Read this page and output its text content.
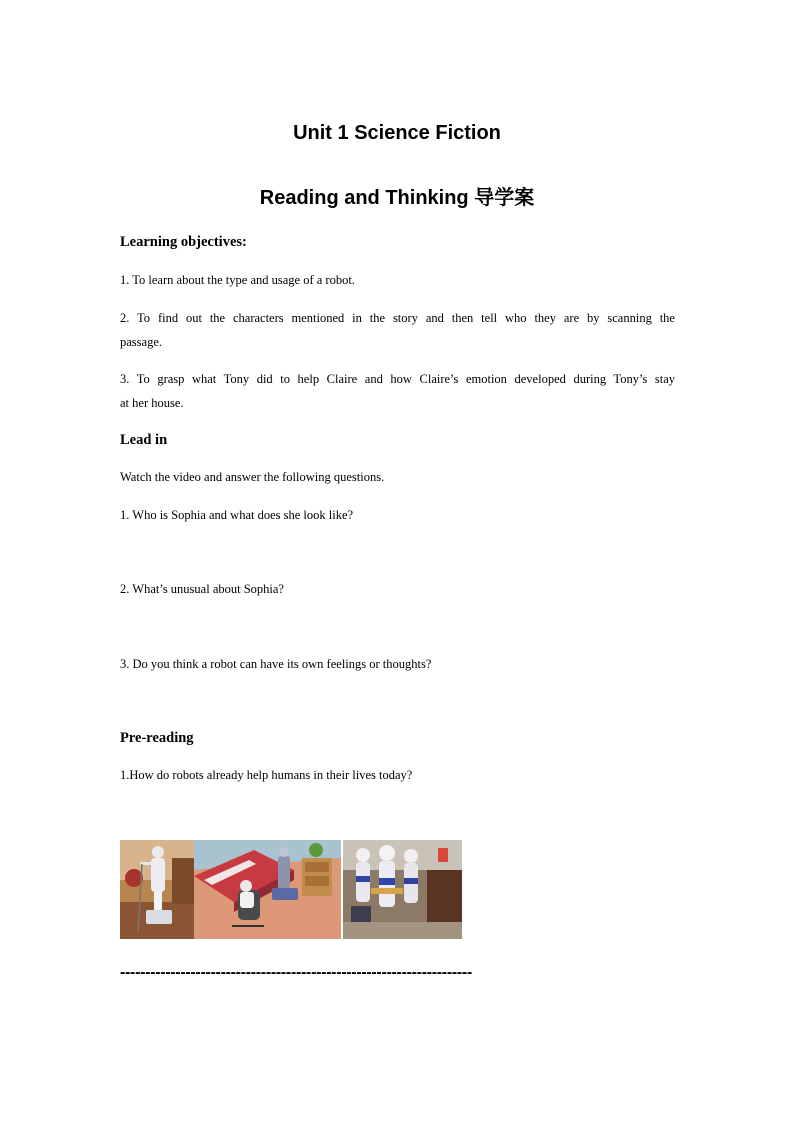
Unit 1 Science Fiction
Reading and Thinking 导学案
Learning objectives:
1. To learn about the type and usage of a robot.
2. To find out the characters mentioned in the story and then tell who they are by scanning the
passage.
3. To grasp what Tony did to help Claire and how Claire’s emotion developed during Tony’s stay
at her house.
Lead in
Watch the video and answer the following questions.
1. Who is Sophia and what does she look like?
2. What’s unusual about Sophia?
3. Do you think a robot can have its own feelings or thoughts?
Pre-reading
1.How do robots already help humans in their lives today?
----------------------------------------------------------------------
